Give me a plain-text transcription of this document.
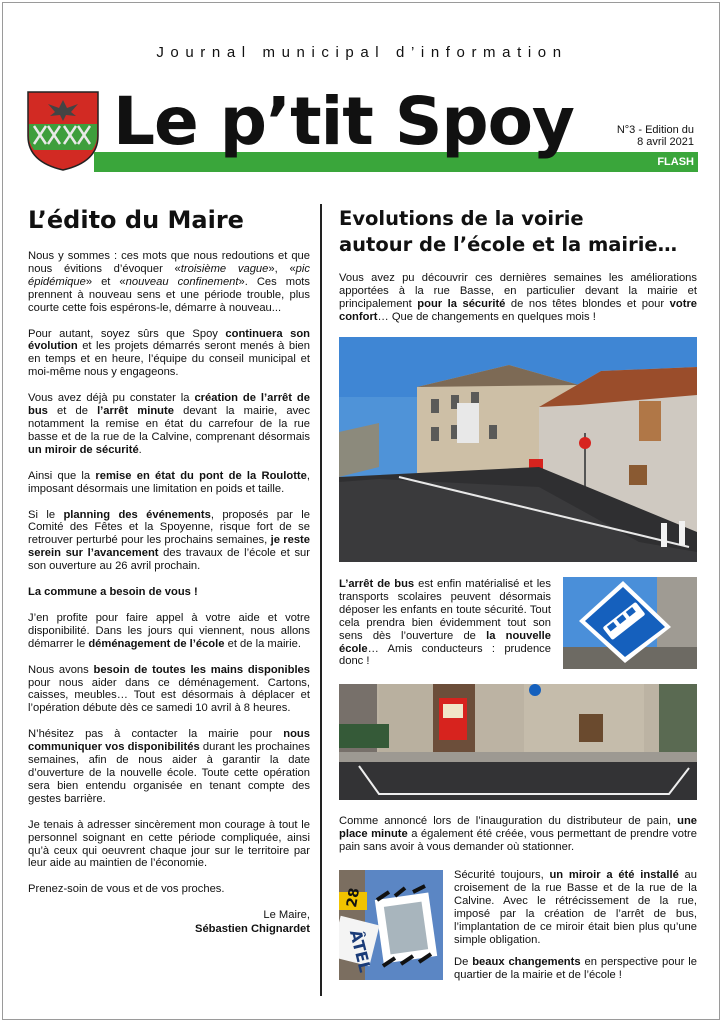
Journal municipal d’information
Le p’tit Spoy	N°3 - Edition du
8 avril 2021
FLASH
L’édito du Maire

Nous y sommes : ces mots que nous redoutions et que nous évitions d’évoquer «troisième vague», «pic épidémique» et «nouveau confinement». Ces mots prennent à nouveau sens et une période trouble, plus courte cette fois espérons-le, démarre à nouveau...

Pour autant, soyez sûrs que Spoy continuera son évolution et les projets démarrés seront menés à bien en temps et en heure, l’équipe du conseil municipal et moi-même nous y engageons.

Vous avez déjà pu constater la création de l’arrêt de bus et de l’arrêt minute devant la mairie, avec notamment la remise en état du carrefour de la rue basse et de la rue de la Calvine, comprenant désormais un miroir de sécurité.

Ainsi que la remise en état du pont de la Roulotte, imposant désormais une limitation en poids et taille.

Si le planning des événements, proposés par le Comité des Fêtes et la Spoyenne, risque fort de se retrouver perturbé pour les prochains semaines, je reste serein sur l’avancement des travaux de l’école et sur son ouverture au 26 avril prochain.

La commune a besoin de vous !

J’en profite pour faire appel à votre aide et votre disponibilité. Dans les jours qui viennent, nous allons démarrer le déménagement de l’école et de la mairie.

Nous avons besoin de toutes les mains disponibles pour nous aider dans ce déménagement. Cartons, caisses, meubles… Tout est désormais à déplacer et l’opération débute dès ce samedi 10 avril à 8 heures.

N’hésitez pas à contacter la mairie pour nous communiquer vos disponibilités durant les prochaines semaines, afin de nous aider à garantir la date d’ouverture de la nouvelle école. Toute cette opération sera bien entendu organisée en tenant compte des gestes barrière.

Je tenais à adresser sincèrement mon courage à tout le personnel soignant en cette période compliquée, ainsi qu’à ceux qui oeuvrent chaque jour sur le territoire par leur aide au maintien de l’économie.

Prenez-soin de vous et de vos proches.

Le Maire,
Sébastien Chignardet
Evolutions de la voirie
autour de l’école et la mairie…

Vous avez pu découvrir ces dernières semaines les améliorations apportées à la rue Basse, en particulier devant la mairie et principalement pour la sécurité de nos têtes blondes et pour votre confort… Que de changements en quelques mois !

L’arrêt de bus est enfin matérialisé et les transports scolaires peuvent désormais déposer les enfants en toute sécurité. Tout cela prendra bien évidemment tout son sens dès l’ouverture de la nouvelle école… Amis conducteurs : prudence donc !
Comme annoncé lors de l’inauguration du distributeur de pain, une place minute a également été créée, vous permettant de prendre votre pain sans avoir à vous demander où stationner.
28
ÂTEL
Sécurité toujours, un miroir a été installé au croisement de la rue Basse et de la rue de la Calvine. Avec le rétrécissement de la rue, imposé par la création de l’arrêt de bus, l’implantation de ce miroir était bien plus qu’une simple obligation.
De beaux changements en perspective pour le quartier de la mairie et de l’école !
